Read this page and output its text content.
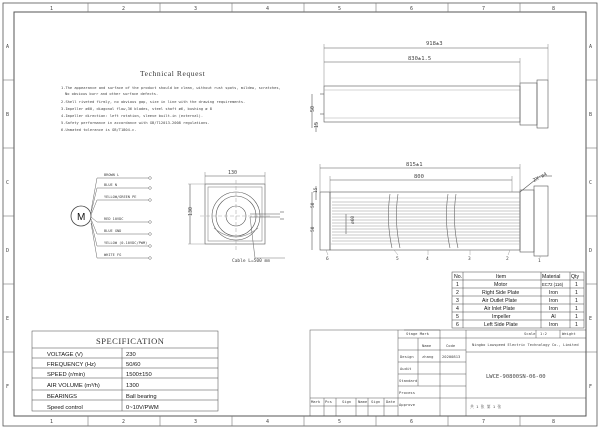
1	2	3	4	5	6	7	8
1	2	3	4	5	6	7	8
A
B
C
D
E
F
A
B
C
D
E
F
Technical Request
1.The appearance and surface of the product should be clean, without rust spots, mildew, scratches,
No obvious burr and other surface defects.
2.Shell riveted firmly, no obvious gap, size in line with the drawing requirements.
3.Impeller ø60, diagonal flow,36 blades, steel shaft ø6, bushing ø 8
4.Impeller direction: left rotation, sleeve built-in (external).
5.Safety performance in accordance with GB/T12013-2008 regulations.
6.Unmated tolerance is GB/T1804-c.
M
BROWN L
BLUE N
YELLOW/GREEN PE
RED 10VDC
BLUE GND
YELLOW (0-10VDC/PWM)
WHITE FG
130
130
Cable L=500 mm
918±3
830±1.5
50
15
815±1
800	2X-ø4
15
50
ø60
50
6	5	4	3	2	1
No.	Item	Material Qty
1	Motor	EC72 (116) 1
2	Right Side Plate	Iron	1
3	Air Outlet Plate	Iron	1
4	Air Inlet Plate	Iron	1
5	Impeller	Al	1
6	Left Side Plate	Iron	1
SPECIFICATION
VOLTAGE (V)	230
FREQUENCY (Hz)	50/60
SPEED (r/min)	1500±150
AIR VOLUME (m³/h)	1300
BEARINGS	Ball bearing
Speed control	0~10V/PWM
Stage Mark
Name	Code
Design zhang 20200813
Audit
Standard
Process
Approve
Weight
Scale 1:2
共 1 张 第 1 张
Mark Pcs	Sign Name Sign Date
Ningbo Lowspeed Electric Technology Co., Limited
LWCE-90800SN-06-00
